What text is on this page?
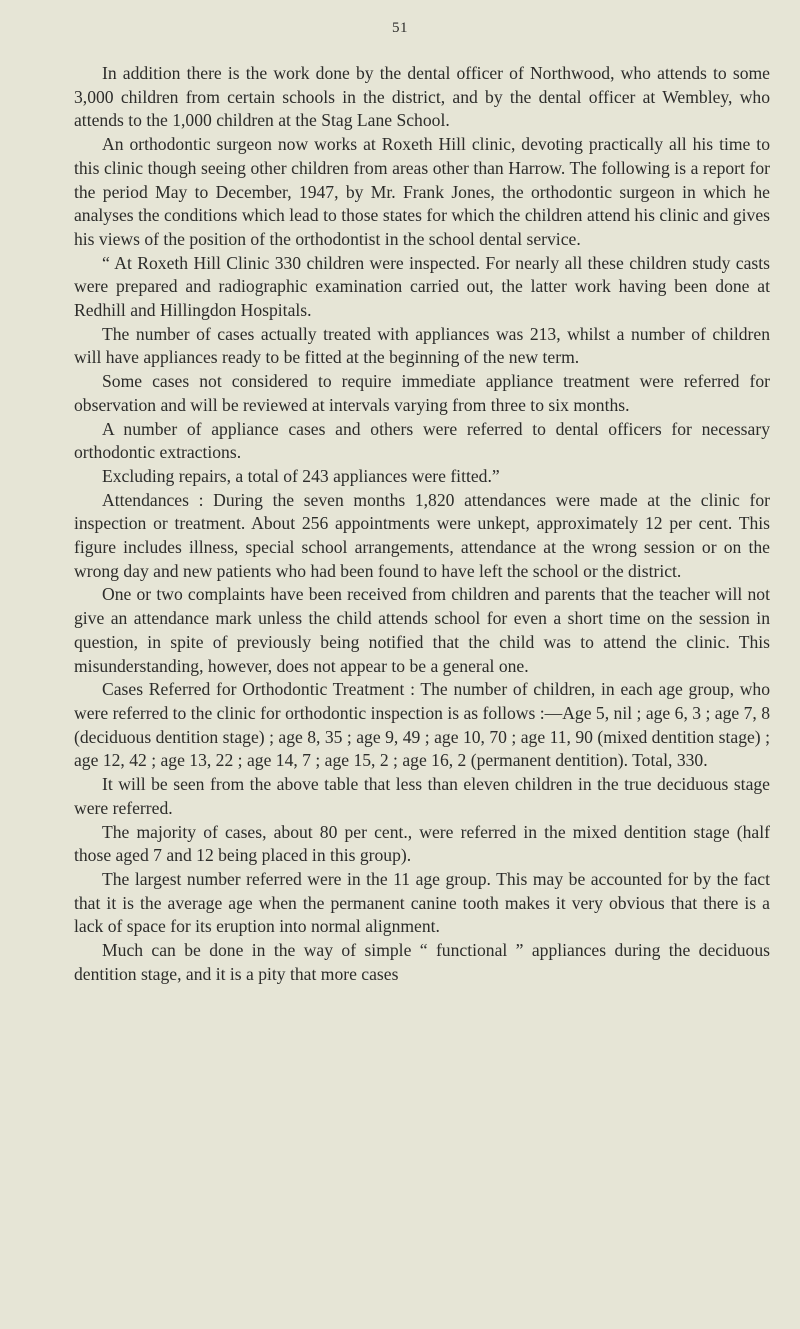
51

In addition there is the work done by the dental officer of Northwood, who attends to some 3,000 children from certain schools in the district, and by the dental officer at Wembley, who attends to the 1,000 children at the Stag Lane School.

An orthodontic surgeon now works at Roxeth Hill clinic, devoting practically all his time to this clinic though seeing other children from areas other than Harrow. The following is a report for the period May to December, 1947, by Mr. Frank Jones, the orthodontic surgeon in which he analyses the conditions which lead to those states for which the children attend his clinic and gives his views of the position of the orthodontist in the school dental service.

“ At Roxeth Hill Clinic 330 children were inspected. For nearly all these children study casts were prepared and radiographic examination carried out, the latter work having been done at Redhill and Hillingdon Hospitals.

The number of cases actually treated with appliances was 213, whilst a number of children will have appliances ready to be fitted at the beginning of the new term.

Some cases not considered to require immediate appliance treatment were referred for observation and will be reviewed at intervals varying from three to six months.

A number of appliance cases and others were referred to dental officers for necessary orthodontic extractions.

Excluding repairs, a total of 243 appliances were fitted.”

Attendances : During the seven months 1,820 attendances were made at the clinic for inspection or treatment. About 256 appointments were unkept, approximately 12 per cent. This figure includes illness, special school arrangements, attendance at the wrong session or on the wrong day and new patients who had been found to have left the school or the district.

One or two complaints have been received from children and parents that the teacher will not give an attendance mark unless the child attends school for even a short time on the session in question, in spite of previously being notified that the child was to attend the clinic. This misunderstanding, however, does not appear to be a general one.

Cases Referred for Orthodontic Treatment : The number of children, in each age group, who were referred to the clinic for orthodontic inspection is as follows :—Age 5, nil ; age 6, 3 ; age 7, 8 (deciduous dentition stage) ; age 8, 35 ; age 9, 49 ; age 10, 70 ; age 11, 90 (mixed dentition stage) ; age 12, 42 ; age 13, 22 ; age 14, 7 ; age 15, 2 ; age 16, 2 (permanent dentition). Total, 330.

It will be seen from the above table that less than eleven children in the true deciduous stage were referred.

The majority of cases, about 80 per cent., were referred in the mixed dentition stage (half those aged 7 and 12 being placed in this group).

The largest number referred were in the 11 age group. This may be accounted for by the fact that it is the average age when the permanent canine tooth makes it very obvious that there is a lack of space for its eruption into normal alignment.

Much can be done in the way of simple “ functional ” appliances during the deciduous dentition stage, and it is a pity that more cases
